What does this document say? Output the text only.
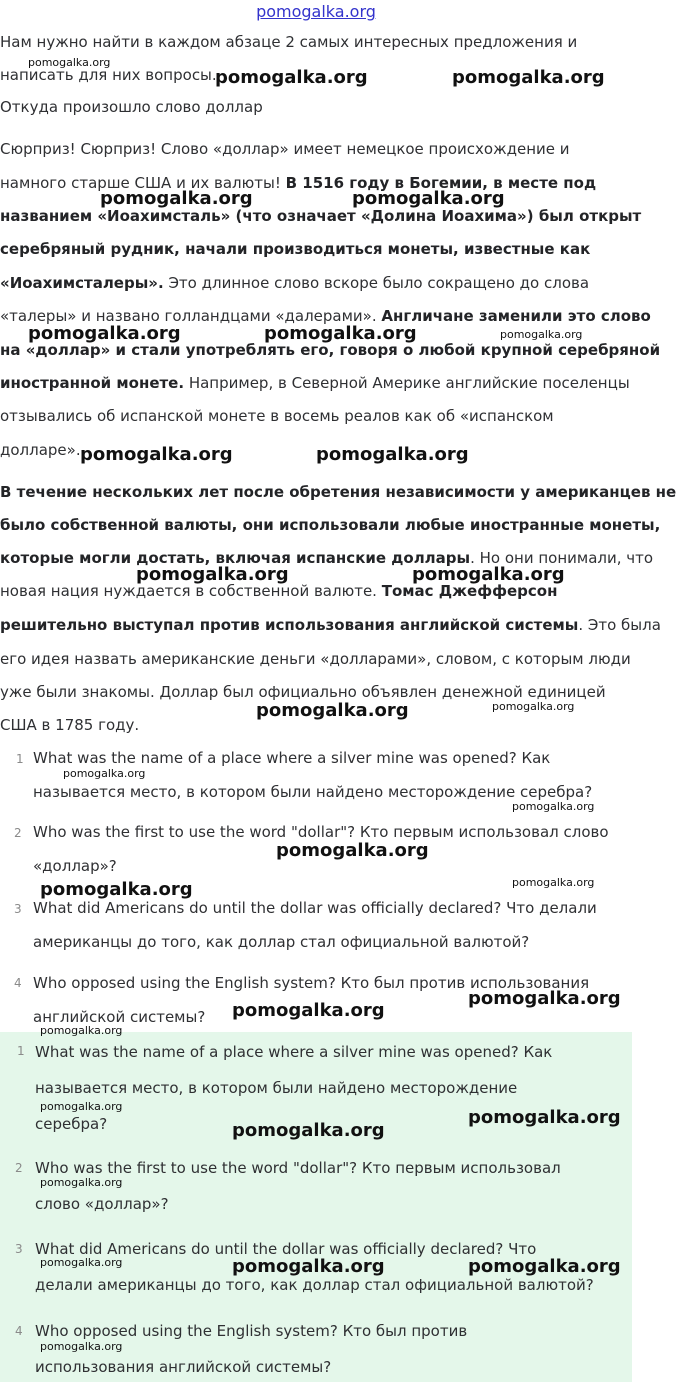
pomogalka.org
Нам нужно найти в каждом абзаце 2 самых интересных предложения и
написать для них вопросы.
Откуда произошло слово доллар
Сюрприз! Сюрприз! Слово «доллар» имеет немецкое происхождение и
намного старше США и их валюты! В 1516 году в Богемии, в месте под
названием «Иоахимсталь» (что означает «Долина Иоахима») был открыт
серебряный рудник, начали производиться монеты, известные как
«Иоахимсталеры». Это длинное слово вскоре было сокращено до слова
«талеры» и названо голландцами «далерами». Англичане заменили это слово
на «доллар» и стали употреблять его, говоря о любой крупной серебряной
иностранной монете. Например, в Северной Америке английские поселенцы
отзывались об испанской монете в восемь реалов как об «испанском
долларе».
В течение нескольких лет после обретения независимости у американцев не
было собственной валюты, они использовали любые иностранные монеты,
которые могли достать, включая испанские доллары. Но они понимали, что
новая нация нуждается в собственной валюте. Томас Джефферсон
решительно выступал против использования английской системы. Это была
его идея назвать американские деньги «долларами», словом, с которым люди
уже были знакомы. Доллар был официально объявлен денежной единицей
США в 1785 году.
1 What was the name of a place where a silver mine was opened? Как
называется место, в котором были найдено месторождение серебра?
2 Who was the first to use the word "dollar"? Кто первым использовал слово
«доллар»?
3 What did Americans do until the dollar was officially declared? Что делали
американцы до того, как доллар стал официальной валютой?
4 Who opposed using the English system? Кто был против использования
английской системы?
1 What was the name of a place where a silver mine was opened? Как
называется место, в котором были найдено месторождение
серебра?
2 Who was the first to use the word "dollar"? Кто первым использовал
слово «доллар»?
3 What did Americans do until the dollar was officially declared? Что
делали американцы до того, как доллар стал официальной валютой?
4 Who opposed using the English system? Кто был против
использования английской системы?
pomogalka.org
pomogalka.org	pomogalka.org
pomogalka.org	pomogalka.org
pomogalka.org	pomogalka.org	pomogalka.org
pomogalka.org	pomogalka.org
pomogalka.org	pomogalka.org
pomogalka.org	pomogalka.org
pomogalka.org
pomogalka.org
pomogalka.org
pomogalka.org	pomogalka.org
pomogalka.org
pomogalka.org
pomogalka.org
pomogalka.org
pomogalka.org
pomogalka.org
pomogalka.org
pomogalka.org	pomogalka.org	pomogalka.org
pomogalka.org
